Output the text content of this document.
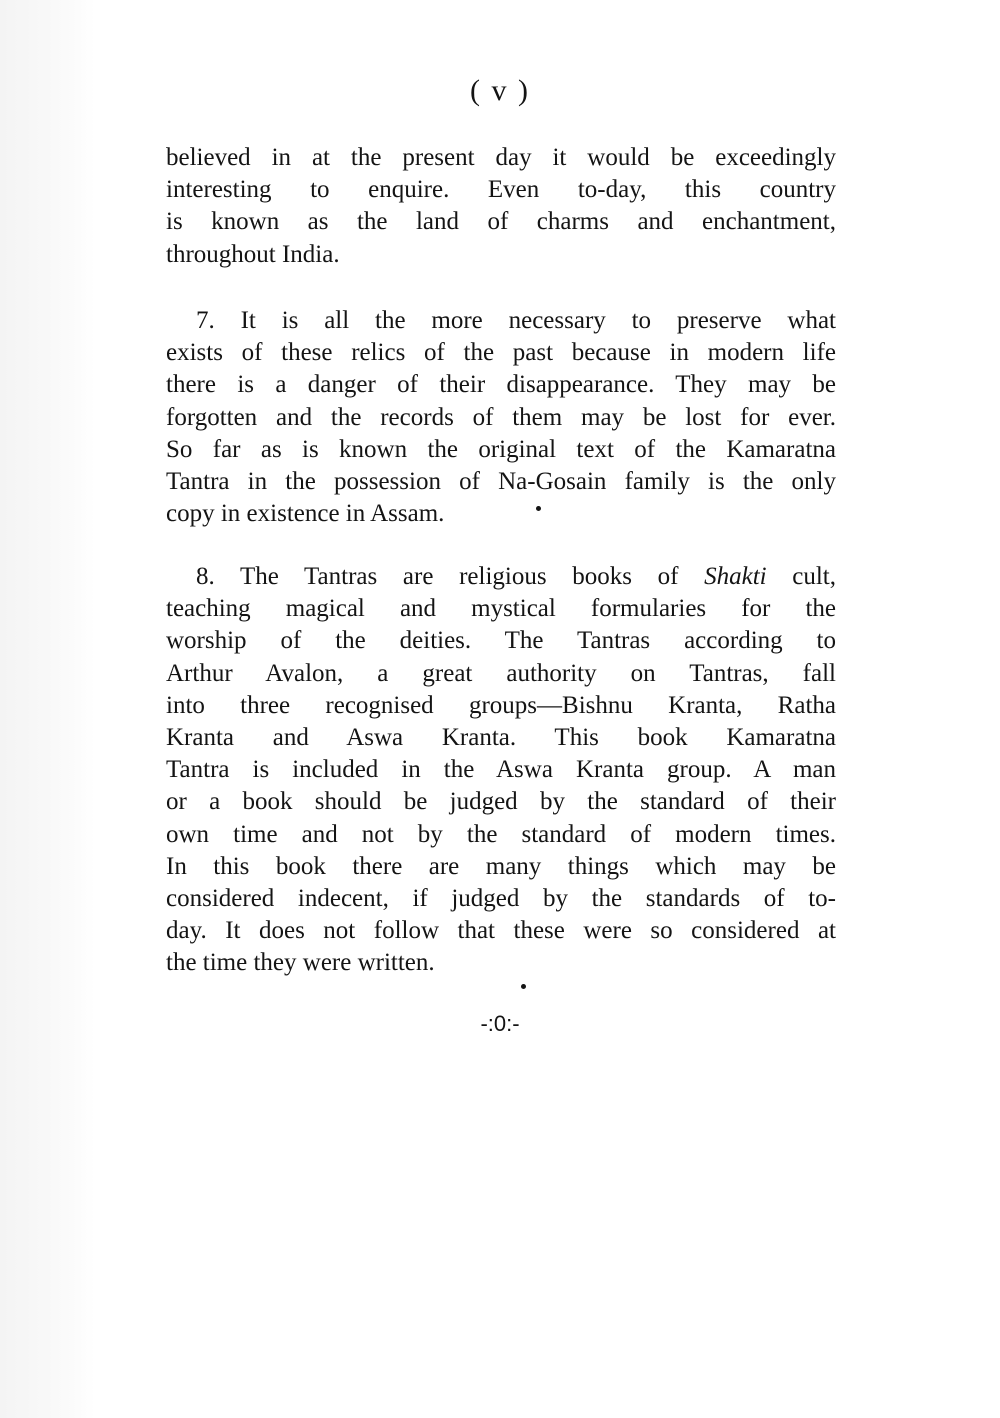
( v )

believed in at the present day it would be exceedingly
interesting to enquire. Even to-day, this country
is known as the land of charms and enchantment,
throughout India.

7. It is all the more necessary to preserve what
exists of these relics of the past because in modern life
there is a danger of their disappearance. They may be
forgotten and the records of them may be lost for ever.
So far as is known the original text of the Kamaratna
Tantra in the possession of Na-Gosain family is the only
copy in existence in Assam.

8. The Tantras are religious books of Shakti cult,
teaching magical and mystical formularies for the
worship of the deities. The Tantras according to
Arthur Avalon, a great authority on Tantras, fall
into three recognised groups—Bishnu Kranta, Ratha
Kranta and Aswa Kranta. This book Kamaratna
Tantra is included in the Aswa Kranta group. A man
or a book should be judged by the standard of their
own time and not by the standard of modern times.
In this book there are many things which may be
considered indecent, if judged by the standards of to-
day. It does not follow that these were so considered at
the time they were written.

-:0:-
